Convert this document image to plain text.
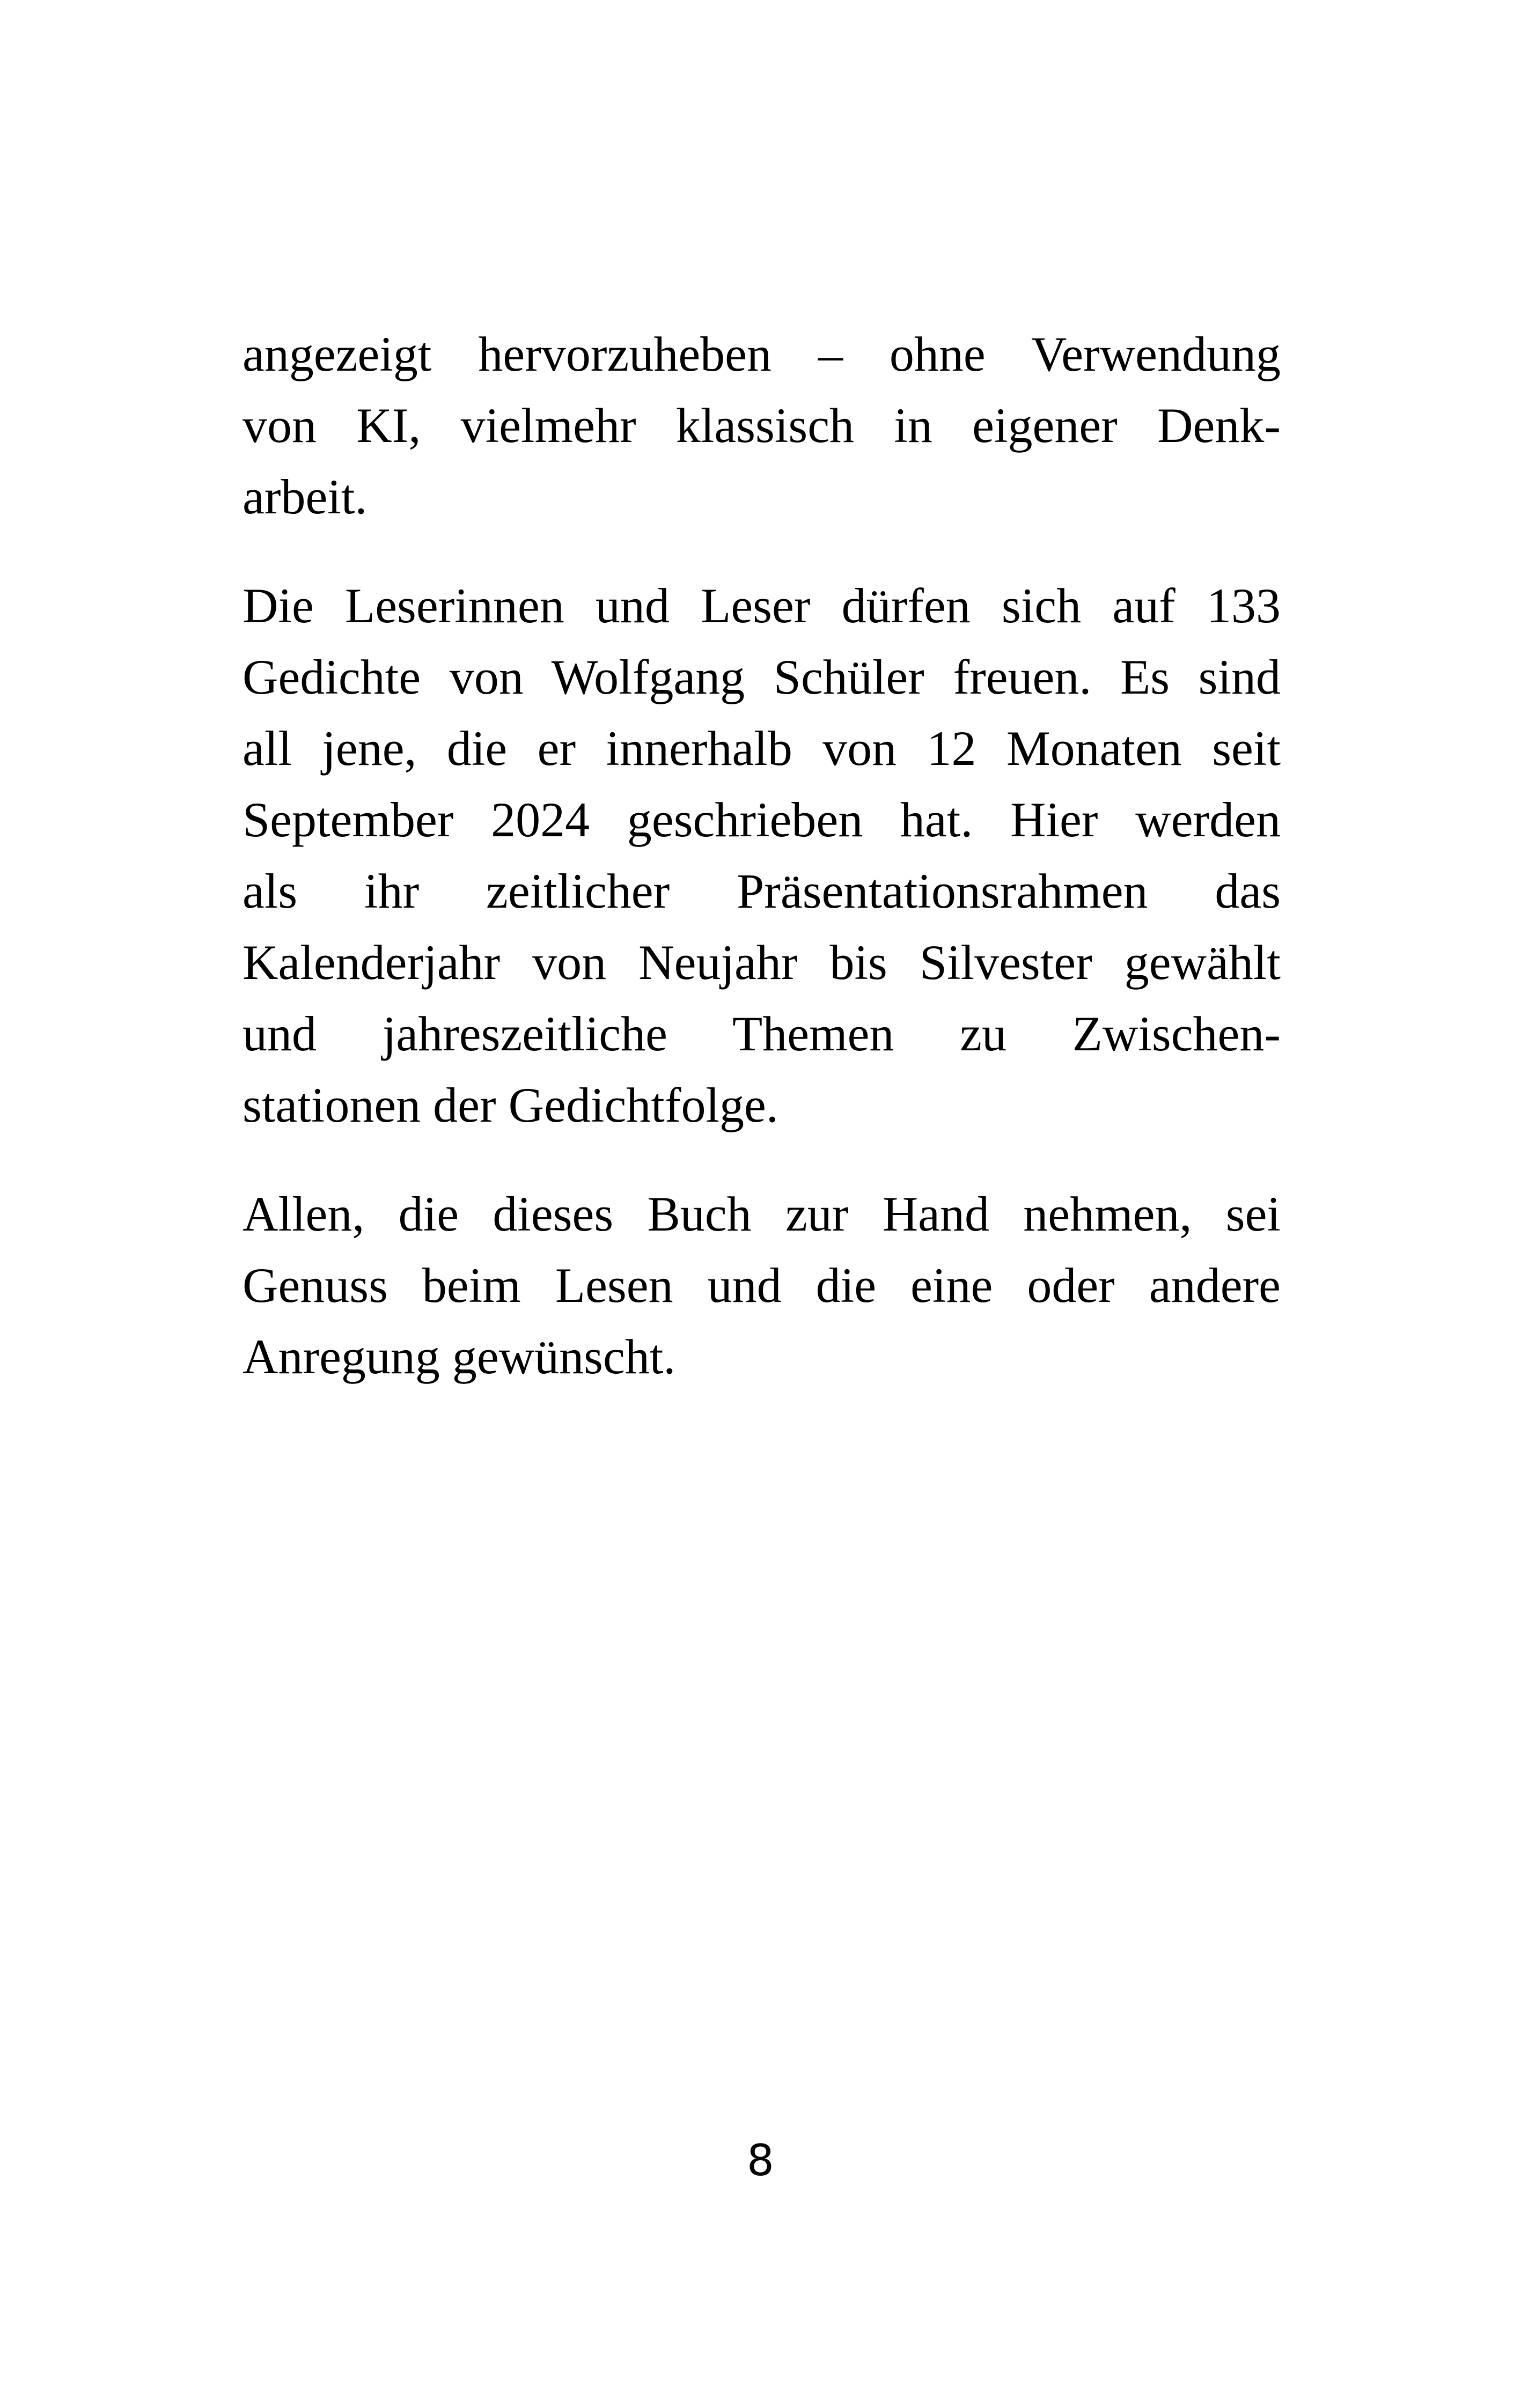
angezeigt hervorzuheben – ohne Verwendung
von KI, vielmehr klassisch in eigener Denk-
arbeit.

Die Leserinnen und Leser dürfen sich auf 133
Gedichte von Wolfgang Schüler freuen. Es sind
all jene, die er innerhalb von 12 Monaten seit
September 2024 geschrieben hat. Hier werden
als ihr zeitlicher Präsentationsrahmen das
Kalenderjahr von Neujahr bis Silvester gewählt
und jahreszeitliche Themen zu Zwischen-
stationen der Gedichtfolge.

Allen, die dieses Buch zur Hand nehmen, sei
Genuss beim Lesen und die eine oder andere
Anregung gewünscht.

8
